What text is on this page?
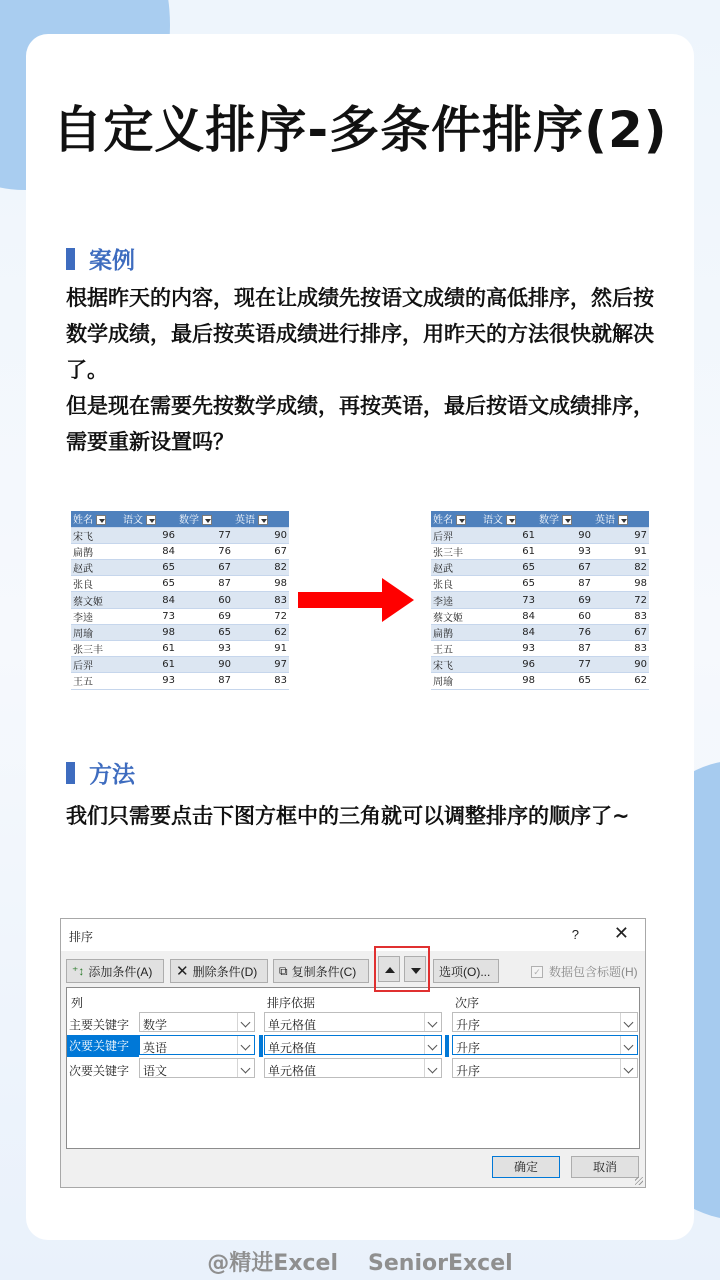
自定义排序-多条件排序(2)
案例

根据昨天的内容，现在让成绩先按语文成绩的高低排序，然后按数学成绩，最后按英语成绩进行排序，用昨天的方法很快就解决了。

但是现在需要先按数学成绩，再按英语，最后按语文成绩排序，需要重新设置吗？

姓名	语文	数学	英语
宋飞	96	77	90
扁鹊	84	76	67
赵武	65	67	82
张良	65	87	98
蔡文姬	84	60	83
李逵	73	69	72
周瑜	98	65	62
张三丰	61	93	91
后羿	61	90	97
王五	93	87	83
姓名	语文	数学	英语
后羿	61	90	97
张三丰	61	93	91
赵武	65	67	82
张良	65	87	98
李逵	73	69	72
蔡文姬	84	60	83
扁鹊	84	76	67
王五	93	87	83
宋飞	96	77	90
周瑜	98	65	62
方法
我们只需要点击下图方框中的三角就可以调整排序的顺序了~
排序	? ✕
⁺↕ 添加条件(A) ✕ 删除条件(D) ⧉ 复制条件(C)	选项(O)...	✓ 数据包含标题(H)
列	排序依据	次序
主要关键字 数学	单元格值	升序
次要关键字	英语	单元格值	升序
次要关键字 语文	单元格值	升序
确定	取消
@精进Excel SeniorExcel
